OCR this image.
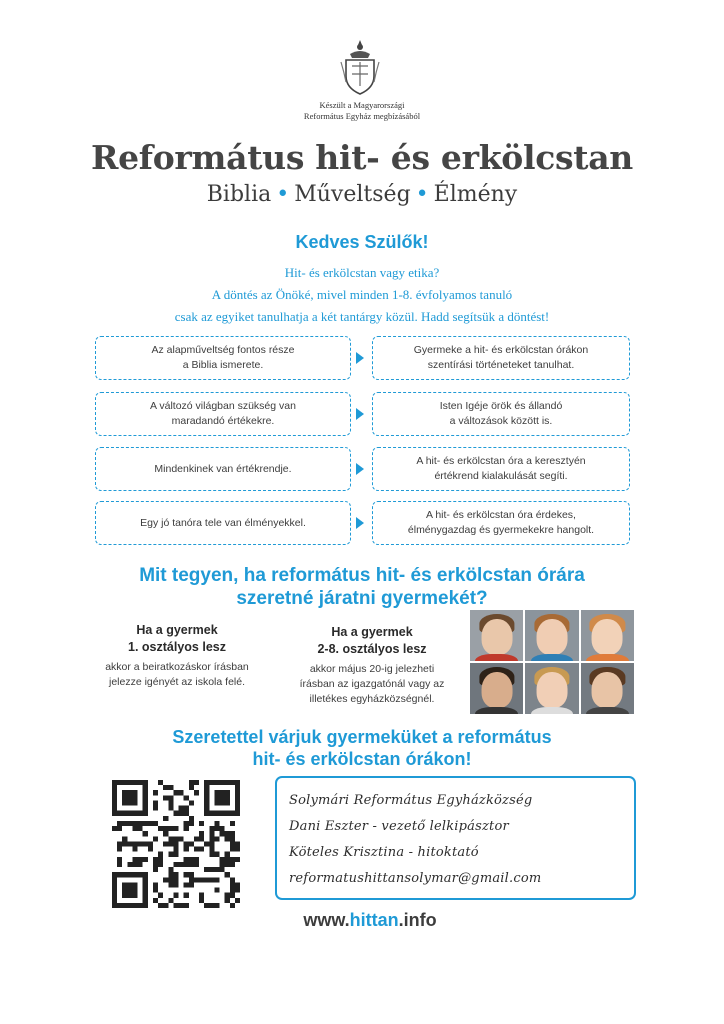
Készült a Magyarországi
Református Egyház megbízásából
Református hit- és erkölcstan
Biblia • Műveltség • Élmény
Kedves Szülők!
Hit- és erkölcstan vagy etika?
A döntés az Önöké, mivel minden 1-8. évfolyamos tanuló
csak az egyiket tanulhatja a két tantárgy közül. Hadd segítsük a döntést!
Az alapműveltség fontos része
a Biblia ismerete.
Gyermeke a hit- és erkölcstan órákon
szentírási történeteket tanulhat.
A változó világban szükség van
maradandó értékekre.
Isten Igéje örök és állandó
a változások között is.
Mindenkinek van értékrendje.
A hit- és erkölcstan óra a keresztyén
értékrend kialakulását segíti.
Egy jó tanóra tele van élményekkel.
A hit- és erkölcstan óra érdekes,
élménygazdag és gyermekekre hangolt.
Mit tegyen, ha református hit- és erkölcstan órára
szeretné járatni gyermekét?
Ha a gyermek
1. osztályos lesz
akkor a beiratkozáskor írásban
jelezze igényét az iskola felé.
Ha a gyermek
2-8. osztályos lesz
akkor május 20-ig jelezheti
írásban az igazgatónál vagy az
illetékes egyházközségnél.
Szeretettel várjuk gyermeküket a református
hit- és erkölcstan órákon!
Solymári Református Egyházközség
Dani Eszter - vezető lelkipásztor
Köteles Krisztina - hitoktató
reformatushittansolymar@gmail.com
www.hittan.info
